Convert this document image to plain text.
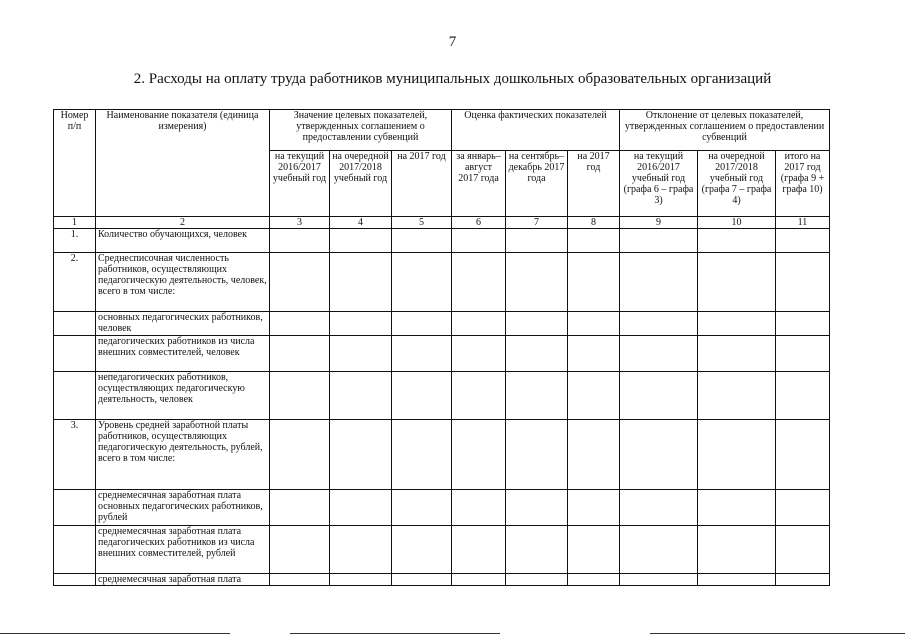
7
2. Расходы на оплату труда работников муниципальных дошкольных образовательных организаций
Номер п/п	Наименование показателя (единица измерения)	Значение целевых показателей, утвержденных соглашением о предоставлении субвенций			Оценка фактических показателей			Отклонение от целевых показателей, утвержденных соглашением о предоставлении субвенций		
		на текущий 2016/2017 учебный год	на очередной 2017/2018 учебный год	на 2017 год	за январь–август 2017 года	на сентябрь–декабрь 2017 года	на 2017 год	на текущий 2016/2017 учебный год (графа 6 – графа 3)	на очередной 2017/2018 учебный год (графа 7 – графа 4)	итого на 2017 год (графа 9 + графа 10)
1	2	3	4	5	6	7	8	9	10	11
1.	Количество обучающихся, человек									
2.	Среднесписочная численность работников, осуществляющих педагогическую деятельность, человек, всего в том числе:									
	основных педагогических работников, человек									
	педагогических работников из числа внешних совместителей, человек									
	непедагогических работников, осуществляющих педагогическую деятельность, человек									
3.	Уровень средней заработной платы работников, осуществляющих педагогическую деятельность, рублей, всего в том числе:									
	среднемесячная заработная плата основных педагогических работников, рублей									
	среднемесячная заработная плата педагогических работников из числа внешних совместителей, рублей									
	среднемесячная заработная плата									
